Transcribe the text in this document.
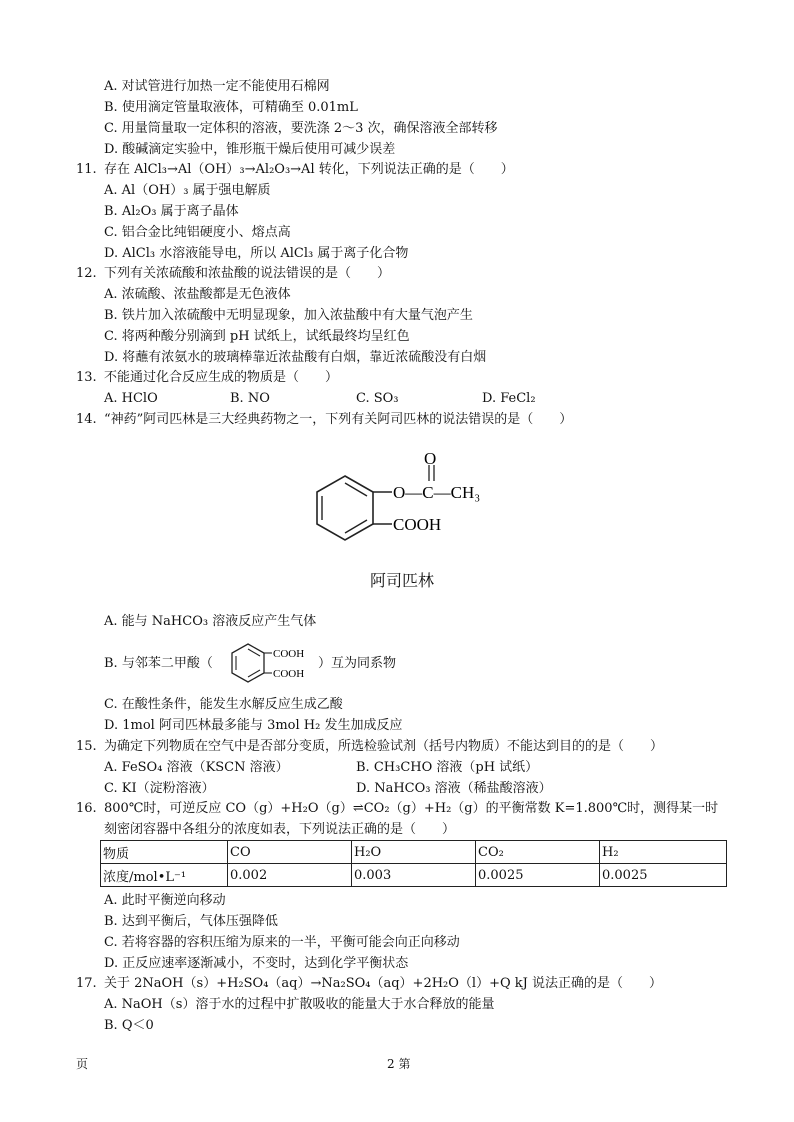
A. 对试管进行加热一定不能使用石棉网
B. 使用滴定管量取液体，可精确至 0.01mL
C. 用量筒量取一定体积的溶液，要洗涤 2～3 次，确保溶液全部转移
D. 酸碱滴定实验中，锥形瓶干燥后使用可减少误差
11. 存在 AlCl₃→Al（OH）₃→Al₂O₃→Al 转化，下列说法正确的是（　　）
A. Al（OH）₃ 属于强电解质
B. Al₂O₃ 属于离子晶体
C. 铝合金比纯铝硬度小、熔点高
D. AlCl₃ 水溶液能导电，所以 AlCl₃ 属于离子化合物
12. 下列有关浓硫酸和浓盐酸的说法错误的是（　　）
A. 浓硫酸、浓盐酸都是无色液体
B. 铁片加入浓硫酸中无明显现象，加入浓盐酸中有大量气泡产生
C. 将两种酸分别滴到 pH 试纸上，试纸最终均呈红色
D. 将蘸有浓氨水的玻璃棒靠近浓盐酸有白烟，靠近浓硫酸没有白烟
13. 不能通过化合反应生成的物质是（　　）
A. HClO	B. NO	C. SO₃	D. FeCl₂
14. “神药”阿司匹林是三大经典药物之一，下列有关阿司匹林的说法错误的是（　　）
O
O—C—CH₃
COOH
阿司匹林
A. 能与 NaHCO₃ 溶液反应产生气体
B. 与邻苯二甲酸（
COOH
COOH
）互为同系物
C. 在酸性条件，能发生水解反应生成乙酸
D. 1mol 阿司匹林最多能与 3mol H₂ 发生加成反应
15. 为确定下列物质在空气中是否部分变质，所选检验试剂（括号内物质）不能达到目的的是（　　）
A. FeSO₄ 溶液（KSCN 溶液）	B. CH₃CHO 溶液（pH 试纸）
C. KI（淀粉溶液）	D. NaHCO₃ 溶液（稀盐酸溶液）
16. 800℃时，可逆反应 CO（g）+H₂O（g）⇌CO₂（g）+H₂（g）的平衡常数 K=1.800℃时，测得某一时
刻密闭容器中各组分的浓度如表，下列说法正确的是（　　）
物质	CO	H₂O	CO₂	H₂
浓度/mol•L⁻¹	0.002	0.003	0.0025	0.0025
A. 此时平衡逆向移动
B. 达到平衡后，气体压强降低
C. 若将容器的容积压缩为原来的一半，平衡可能会向正向移动
D. 正反应速率逐渐减小，不变时，达到化学平衡状态
17. 关于 2NaOH（s）+H₂SO₄（aq）→Na₂SO₄（aq）+2H₂O（l）+Q kJ 说法正确的是（　　）
A. NaOH（s）溶于水的过程中扩散吸收的能量大于水合释放的能量
B. Q＜0
页	2 第
